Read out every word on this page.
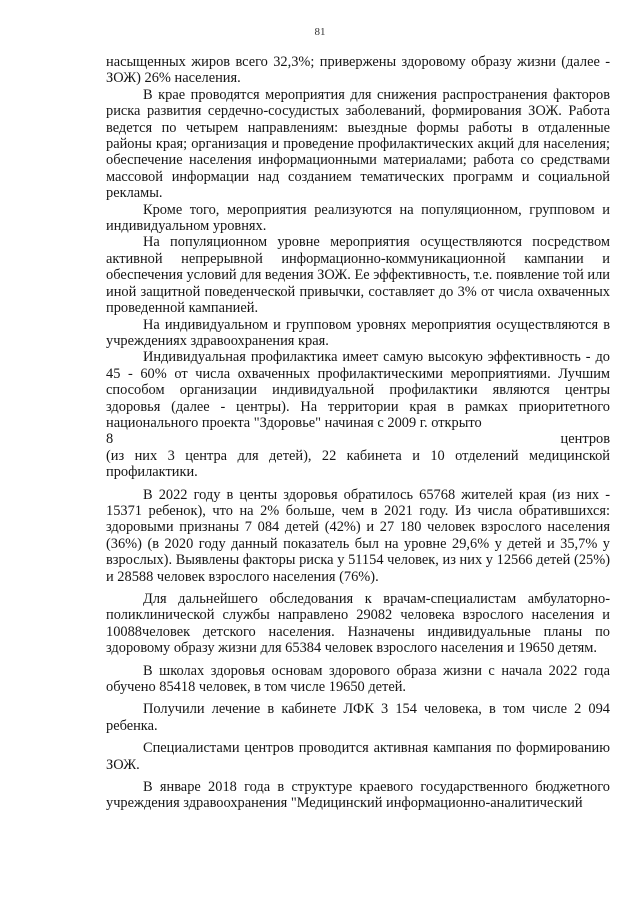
81

насыщенных жиров всего 32,3%; привержены здоровому образу жизни (далее - ЗОЖ) 26% населения.

В крае проводятся мероприятия для снижения распространения факторов риска развития сердечно-сосудистых заболеваний, формирования ЗОЖ. Работа ведется по четырем направлениям: выездные формы работы в отдаленные районы края; организация и проведение профилактических акций для населения; обеспечение населения информационными материалами; работа со средствами массовой информации над созданием тематических программ и социальной рекламы.

Кроме того, мероприятия реализуются на популяционном, групповом и индивидуальном уровнях.

На популяционном уровне мероприятия осуществляются посредством активной непрерывной информационно-коммуникационной кампании и обеспечения условий для ведения ЗОЖ. Ее эффективность, т.е. появление той или иной защитной поведенческой привычки, составляет до 3% от числа охваченных проведенной кампанией.

На индивидуальном и групповом уровнях мероприятия осуществляются в учреждениях здравоохранения края.

Индивидуальная профилактика имеет самую высокую эффективность - до 45 - 60% от числа охваченных профилактическими мероприятиями. Лучшим способом организации индивидуальной профилактики являются центры здоровья (далее - центры). На территории края в рамках приоритетного национального проекта "Здоровье" начиная с 2009 г. открыто

8 центров

(из них 3 центра для детей), 22 кабинета и 10 отделений медицинской профилактики.

В 2022 году в центы здоровья обратилось 65768 жителей края (из них - 15371 ребенок), что на 2% больше, чем в 2021 году. Из числа обратившихся: здоровыми признаны 7 084 детей (42%) и 27 180 человек взрослого населения (36%) (в 2020 году данный показатель был на уровне 29,6% у детей и 35,7% у взрослых). Выявлены факторы риска у 51154 человек, из них у 12566 детей (25%) и 28588 человек взрослого населения (76%).

Для дальнейшего обследования к врачам-специалистам амбулаторно-поликлинической службы направлено 29082 человека взрослого населения и 10088человек детского населения. Назначены индивидуальные планы по здоровому образу жизни для 65384 человек взрослого населения и 19650 детям.

В школах здоровья основам здорового образа жизни с начала 2022 года обучено 85418 человек, в том числе 19650 детей.

Получили лечение в кабинете ЛФК 3 154 человека, в том числе 2 094 ребенка.

Специалистами центров проводится активная кампания по формированию ЗОЖ.

В январе 2018 года в структуре краевого государственного бюджетного учреждения здравоохранения "Медицинский информационно-аналитический
